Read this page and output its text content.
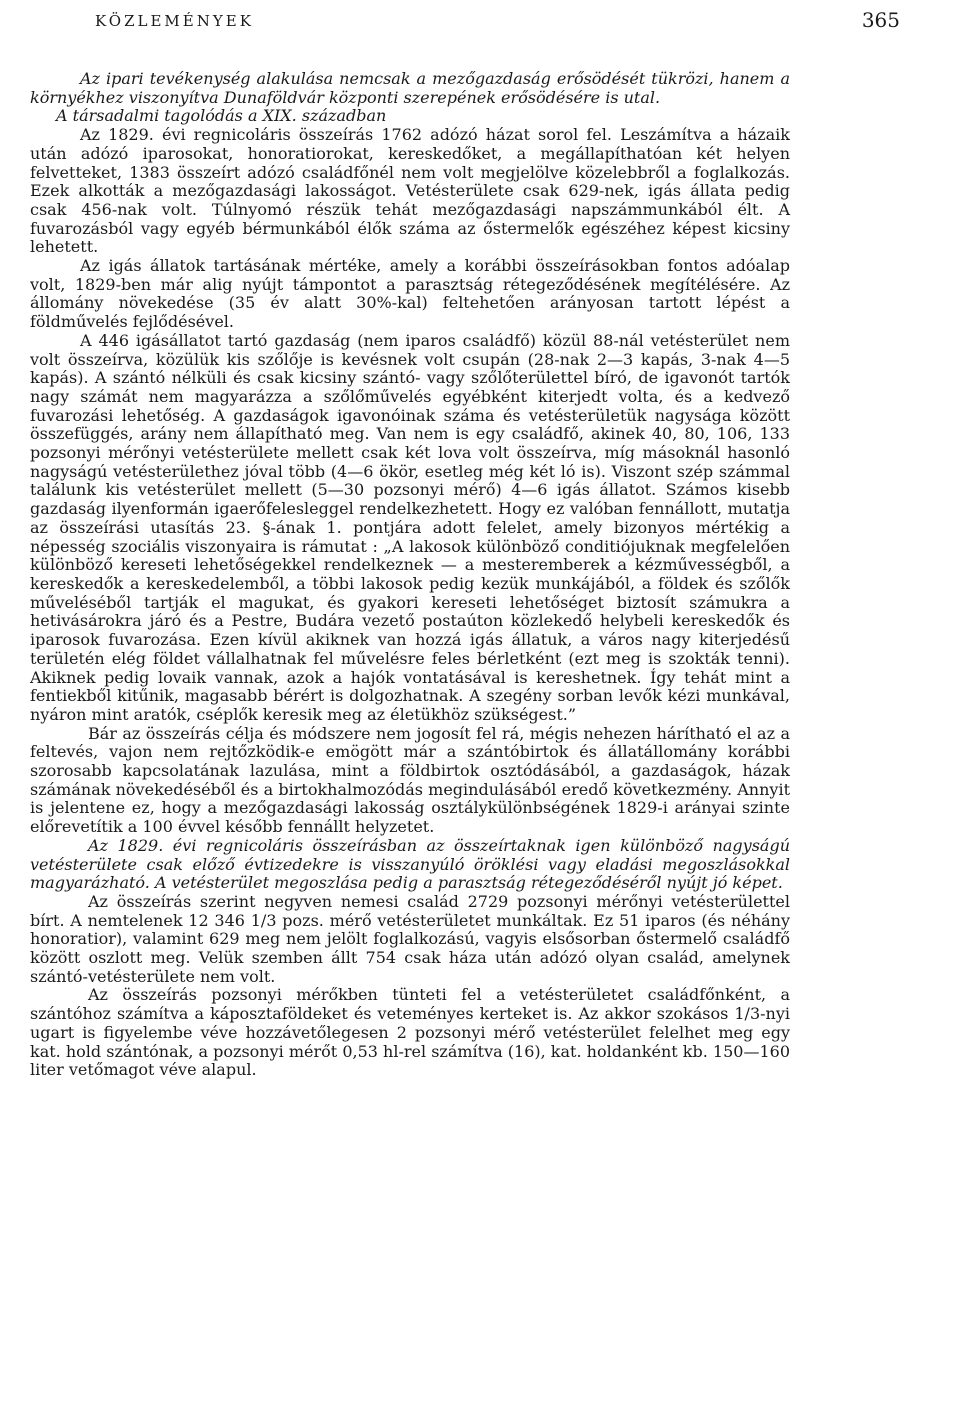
KÖZLEMÉNYEK	365

Az ipari tevékenység alakulása nemcsak a mezőgazdaság erősödését tükrözi, hanem a környékhez viszonyítva Dunaföldvár központi szerepének erősödésére is utal.

A társadalmi tagolódás a XIX. században

Az 1829. évi regnicoláris összeírás 1762 adózó házat sorol fel. Leszámítva a házaik után adózó iparosokat, honoratiorokat, kereskedőket, a megállapíthatóan két helyen felvetteket, 1383 összeírt adózó családfőnél nem volt megjelölve közelebbről a foglalkozás. Ezek alkották a mezőgazdasági lakosságot. Vetésterülete csak 629-nek, igás állata pedig csak 456-nak volt. Túlnyomó részük tehát mezőgazdasági napszámmunkából élt. A fuvarozásból vagy egyéb bérmunkából élők száma az őstermelők egészéhez képest kicsiny lehetett.

Az igás állatok tartásának mértéke, amely a korábbi összeírásokban fontos adóalap volt, 1829-ben már alig nyújt támpontot a parasztság rétegeződésének megítélésére. Az állomány növekedése (35 év alatt 30%-kal) feltehetően arányosan tartott lépést a földművelés fejlődésével.

A 446 igásállatot tartó gazdaság (nem iparos családfő) közül 88-nál vetésterület nem volt összeírva, közülük kis szőlője is kevésnek volt csupán (28-nak 2—3 kapás, 3-nak 4—5 kapás). A szántó nélküli és csak kicsiny szántó- vagy szőlőterülettel bíró, de igavonót tartók nagy számát nem magyarázza a szőlőművelés egyébként kiterjedt volta, és a kedvező fuvarozási lehetőség. A gazdaságok igavonóinak száma és vetésterületük nagysága között összefüggés, arány nem állapítható meg. Van nem is egy családfő, akinek 40, 80, 106, 133 pozsonyi mérőnyi vetésterülete mellett csak két lova volt összeírva, míg másoknál hasonló nagyságú vetésterülethez jóval több (4—6 ökör, esetleg még két ló is). Viszont szép számmal találunk kis vetésterület mellett (5—30 pozsonyi mérő) 4—6 igás állatot. Számos kisebb gazdaság ilyenformán igaerőfelesleggel rendelkezhetett. Hogy ez valóban fennállott, mutatja az összeírási utasítás 23. §-ának 1. pontjára adott felelet, amely bizonyos mértékig a népesség szociális viszonyaira is rámutat : „A lakosok különböző conditiójuknak megfelelően különböző kereseti lehetőségekkel rendelkeznek — a mesteremberek a kézművességből, a kereskedők a kereskedelemből, a többi lakosok pedig kezük munkájából, a földek és szőlők műveléséből tartják el magukat, és gyakori kereseti lehetőséget biztosít számukra a hetivásárokra járó és a Pestre, Budára vezető postaúton közlekedő helybeli kereskedők és iparosok fuvarozása. Ezen kívül akiknek van hozzá igás állatuk, a város nagy kiterjedésű területén elég földet vállalhatnak fel művelésre feles bérletként (ezt meg is szokták tenni). Akiknek pedig lovaik vannak, azok a hajók vontatásával is kereshetnek. Így tehát mint a fentiekből kitűnik, magasabb bérért is dolgozhatnak. A szegény sorban levők kézi munkával, nyáron mint aratók, cséplők keresik meg az életükhöz szükségest.”

Bár az összeírás célja és módszere nem jogosít fel rá, mégis nehezen hárítható el az a feltevés, vajon nem rejtőzködik-e emögött már a szántóbirtok és állatállomány korábbi szorosabb kapcsolatának lazulása, mint a földbirtok osztódásából, a gazdaságok, házak számának növekedéséből és a birtokhalmozódás megindulásából eredő következmény. Annyit is jelentene ez, hogy a mezőgazdasági lakosság osztálykülönbségének 1829-i arányai szinte előrevetítik a 100 évvel később fennállt helyzetet.

Az 1829. évi regnicoláris összeírásban az összeírtaknak igen különböző nagyságú vetésterülete csak előző évtizedekre is visszanyúló öröklési vagy eladási megoszlásokkal magyarázható. A vetésterület megoszlása pedig a parasztság rétegeződéséről nyújt jó képet.

Az összeírás szerint negyven nemesi család 2729 pozsonyi mérőnyi vetésterülettel bírt. A nemtelenek 12 346 1/3 pozs. mérő vetésterületet munkáltak. Ez 51 iparos (és néhány honoratior), valamint 629 meg nem jelölt foglalkozású, vagyis elsősorban őstermelő családfő között oszlott meg. Velük szemben állt 754 csak háza után adózó olyan család, amelynek szántó-vetésterülete nem volt.

Az összeírás pozsonyi mérőkben tünteti fel a vetésterületet családfőnként, a szántóhoz számítva a káposztaföldeket és veteményes kerteket is. Az akkor szokásos 1/3-nyi ugart is figyelembe véve hozzávetőlegesen 2 pozsonyi mérő vetésterület felelhet meg egy kat. hold szántónak, a pozsonyi mérőt 0,53 hl-rel számítva (16), kat. holdanként kb. 150—160 liter vetőmagot véve alapul.
